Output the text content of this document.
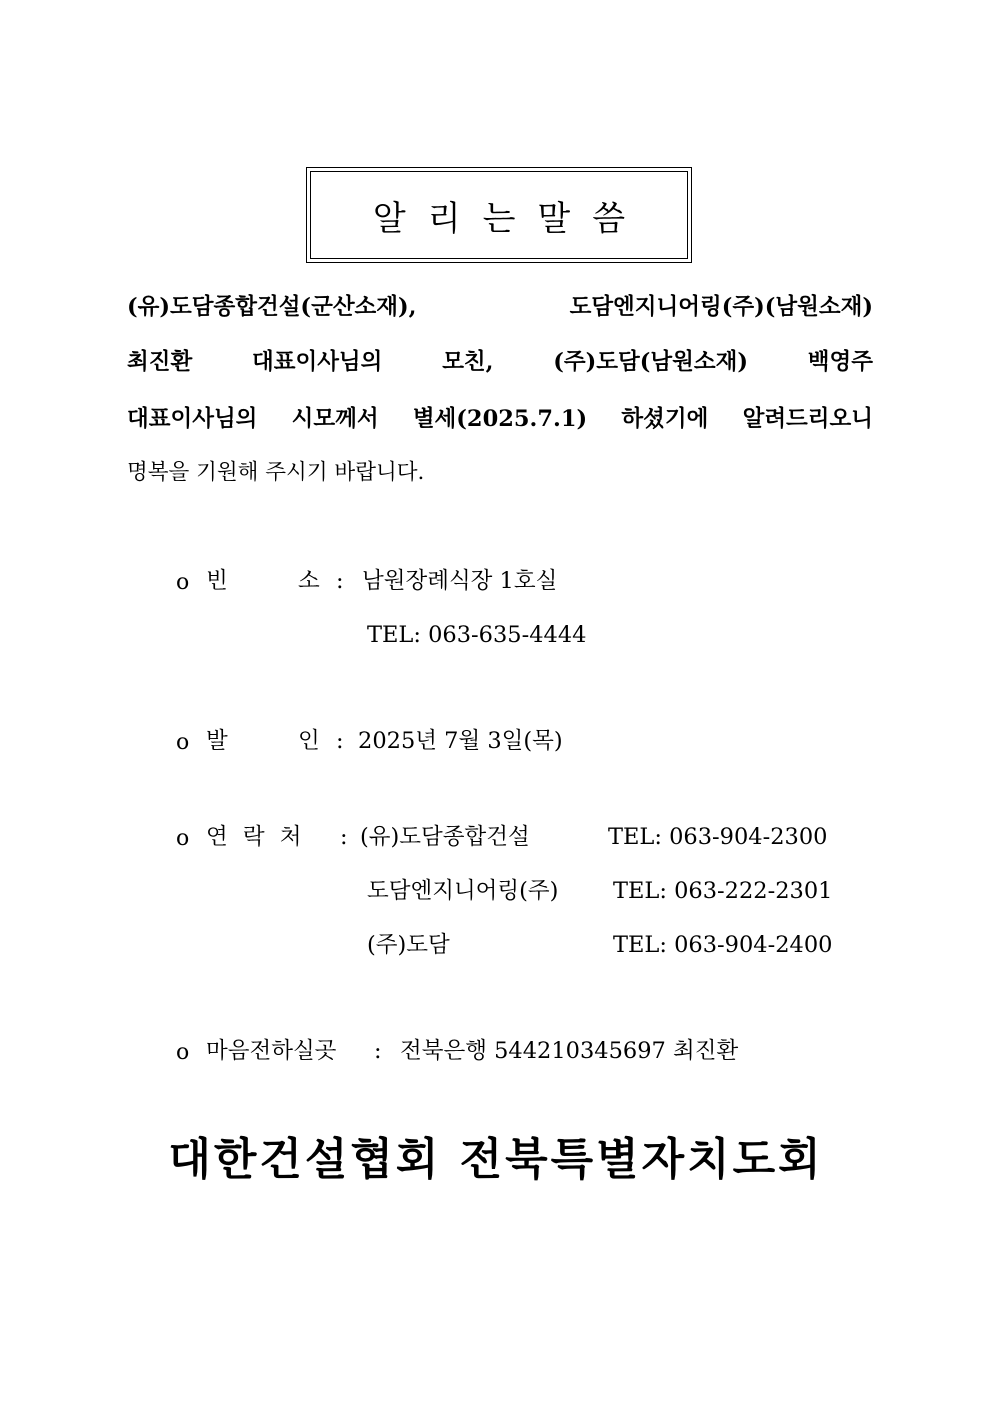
알리는말씀
(유)도담종합건설(군산소재), 도담엔지니어링(주)(남원소재)
최진환 대표이사님의 모친, (주)도담(남원소재) 백영주
대표이사님의 시모께서 별세(2025.7.1) 하셨기에 알려드리오니
명복을 기원해 주시기 바랍니다.
o 빈	소 : 남원장례식장 1호실
TEL: 063-635-4444
o 발	인 : 2025년 7월 3일(목)
o 연 락 처 : (유)도담종합건설	TEL: 063-904-2300
도담엔지니어링(주) TEL: 063-222-2301
(주)도담	TEL: 063-904-2400
o 마음전하실곳 : 전북은행 544210345697 최진환
대한건설협회 전북특별자치도회
